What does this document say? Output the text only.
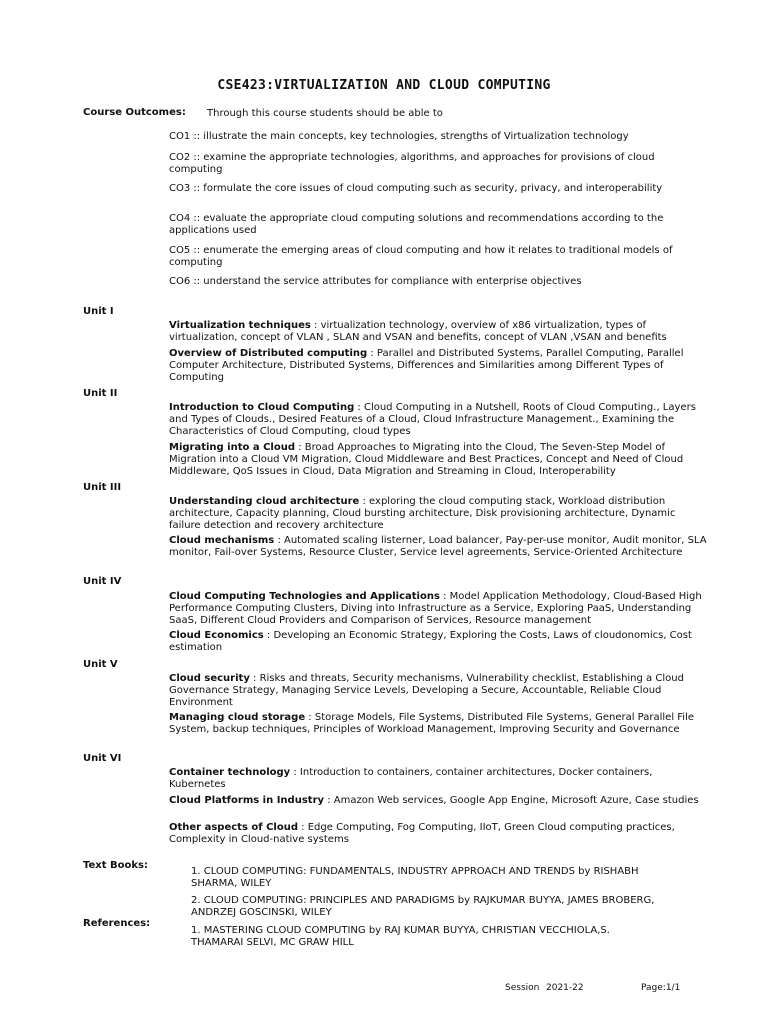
CSE423:VIRTUALIZATION AND CLOUD COMPUTING
Course Outcomes: Through this course students should be able to
CO1 :: illustrate the main concepts, key technologies, strengths of Virtualization technology
CO2 :: examine the appropriate technologies, algorithms, and approaches for provisions of cloud computing
CO3 :: formulate the core issues of cloud computing such as security, privacy, and interoperability
CO4 :: evaluate the appropriate cloud computing solutions and recommendations according to the applications used
CO5 :: enumerate the emerging areas of cloud computing and how it relates to traditional models of computing
CO6 :: understand the service attributes for compliance with enterprise objectives
Unit I
Virtualization techniques : virtualization technology, overview of x86 virtualization, types of virtualization, concept of VLAN , SLAN and VSAN and benefits, concept of VLAN ,VSAN and benefits
Overview of Distributed computing : Parallel and Distributed Systems, Parallel Computing, Parallel Computer Architecture, Distributed Systems, Differences and Similarities among Different Types of Computing
Unit II
Introduction to Cloud Computing : Cloud Computing in a Nutshell, Roots of Cloud Computing., Layers and Types of Clouds., Desired Features of a Cloud, Cloud Infrastructure Management., Examining the Characteristics of Cloud Computing, cloud types
Migrating into a Cloud : Broad Approaches to Migrating into the Cloud, The Seven-Step Model of Migration into a Cloud VM Migration, Cloud Middleware and Best Practices, Concept and Need of Cloud Middleware, QoS Issues in Cloud, Data Migration and Streaming in Cloud, Interoperability
Unit III
Understanding cloud architecture : exploring the cloud computing stack, Workload distribution architecture, Capacity planning, Cloud bursting architecture, Disk provisioning architecture, Dynamic failure detection and recovery architecture
Cloud mechanisms : Automated scaling listerner, Load balancer, Pay-per-use monitor, Audit monitor, SLA monitor, Fail-over Systems, Resource Cluster, Service level agreements, Service-Oriented Architecture
Unit IV
Cloud Computing Technologies and Applications : Model Application Methodology, Cloud-Based High Performance Computing Clusters, Diving into Infrastructure as a Service, Exploring PaaS, Understanding SaaS, Different Cloud Providers and Comparison of Services, Resource management
Cloud Economics : Developing an Economic Strategy, Exploring the Costs, Laws of cloudonomics, Cost estimation
Unit V
Cloud security : Risks and threats, Security mechanisms, Vulnerability checklist, Establishing a Cloud Governance Strategy, Managing Service Levels, Developing a Secure, Accountable, Reliable Cloud Environment
Managing cloud storage : Storage Models, File Systems, Distributed File Systems, General Parallel File System, backup techniques, Principles of Workload Management, Improving Security and Governance
Unit VI
Container technology : Introduction to containers, container architectures, Docker containers, Kubernetes
Cloud Platforms in Industry : Amazon Web services, Google App Engine, Microsoft Azure, Case studies
Other aspects of Cloud : Edge Computing, Fog Computing, IIoT, Green Cloud computing practices, Complexity in Cloud-native systems
Text Books:
1. CLOUD COMPUTING: FUNDAMENTALS, INDUSTRY APPROACH AND TRENDS by RISHABH SHARMA, WILEY
2. CLOUD COMPUTING: PRINCIPLES AND PARADIGMS by RAJKUMAR BUYYA, JAMES BROBERG, ANDRZEJ GOSCINSKI, WILEY
References:
1. MASTERING CLOUD COMPUTING by RAJ KUMAR BUYYA, CHRISTIAN VECCHIOLA,S. THAMARAI SELVI, MC GRAW HILL
Session 2021-22	Page:1/1
